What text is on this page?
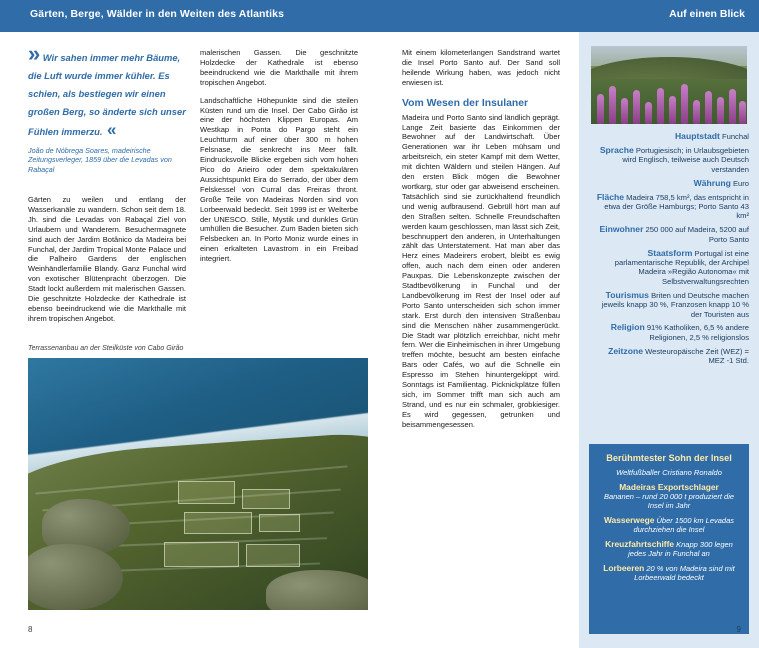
Gärten, Berge, Wälder in den Weiten des Atlantiks	Auf einen Blick
» Wir sahen immer mehr Bäume, die Luft wurde immer kühler. Es schien, als bestiegen wir einen großen Berg, so änderte sich unser Fühlen immerzu. «
João de Nóbrega Soares, madeirische Zeitungsverleger, 1859 über die Levadas von Rabaçal

Gärten zu weilen und entlang der Wasserkanäle zu wandern. Schon seit dem 18. Jh. sind die Levadas von Rabaçal Ziel von Urlaubern und Wanderern. Besuchermagnete sind auch der Jardim Botânico da Madeira bei Funchal, der Jardim Tropical Monte Palace und die Palheiro Gardens der englischen Weinhändlerfamilie Blandy. Ganz Funchal wird von exotischer Blütenpracht überzogen. Die Stadt lockt außerdem mit malerischen Gassen. Die geschnitzte Holzdecke der Kathedrale ist ebenso beeindruckend wie die Markthalle mit ihrem tropischen Angebot.

malerischen Gassen. Die geschnitzte Holzdecke der Kathedrale ist ebenso beeindruckend wie die Markthalle mit ihrem tropischen Angebot.

Landschaftliche Höhepunkte sind die steilen Küsten rund um die Insel. Der Cabo Girão ist eine der höchsten Klippen Europas. Am Westkap in Ponta do Pargo steht ein Leuchtturm auf einer über 300 m hohen Felsnase, die senkrecht ins Meer fällt. Eindrucksvolle Blicke ergeben sich vom hohen Pico do Arieiro oder dem spektakulären Aussichtspunkt Eira do Serrado, der über dem Felskessel von Curral das Freiras thront. Große Teile von Madeiras Norden sind von Lorbeerwald bedeckt. Seit 1999 ist er Welterbe der UNESCO. Stille, Mystik und dunkles Grün umhüllen die Besucher. Zum Baden bieten sich Felsbecken an. In Porto Moniz wurde eines in einen erkalteten Lavastrom in ein Freibad integriert.

Mit einem kilometerlangen Sandstrand wartet die Insel Porto Santo auf. Der Sand soll heilende Wirkung haben, was jedoch nicht erwiesen ist.

Vom Wesen der Insulaner

Madeira und Porto Santo sind ländlich geprägt. Lange Zeit basierte das Einkommen der Bewohner auf der Landwirtschaft. Über Generationen war ihr Leben mühsam und arbeitsreich, ein steter Kampf mit dem Wetter, mit dichten Wäldern und steilen Hängen. Auf den ersten Blick mögen die Bewohner wortkarg, stur oder gar abweisend erscheinen. Tatsächlich sind sie zurückhaltend freundlich und wenig aufbrausend. Gebrüll hört man auf den Straßen selten. Schnelle Freundschaften werden kaum geschlossen, man lässt sich Zeit, beschnuppert den anderen, in Unterhaltungen zählt das Unterstatement. Hat man aber das Herz eines Madeirers erobert, bleibt es ewig offen, auch nach dem einen oder anderen Pauxpas. Die Lebenskonzepte zwischen der Stadtbevölkerung in Funchal und der Landbevölkerung im Rest der Insel oder auf Porto Santo unterscheiden sich schon immer stark. Erst durch den intensiven Straßenbau sind die Menschen näher zusammengerückt. Die Stadt war plötzlich erreichbar, nicht mehr fern. Wer die Einheimischen in ihrer Umgebung treffen möchte, besucht am besten einfache Bars oder Cafés, wo auf die Schnelle ein Espresso im Stehen hinuntergekippt wird. Sonntags ist Familientag. Picknickplätze füllen sich, im Sommer trifft man sich auch am Strand, und es nur ein schmaler, grobkiesiger. Es wird gegessen, getrunken und beisammengesessen.

Terrassenanbau an der Steilküste von Cabo Girão
Hauptstadt Funchal
Sprache Portugiesisch; in Urlaubsgebieten wird Englisch, teilweise auch Deutsch verstanden
Währung Euro
Fläche Madeira 758,5 km², das entspricht in etwa der Größe Hamburgs; Porto Santo 43 km²
Einwohner 250 000 auf Madeira, 5200 auf Porto Santo
Staatsform Portugal ist eine parlamentarische Republik, der Archipel Madeira »Região Autonoma« mit Selbstverwaltungsrechten
Tourismus Briten und Deutsche machen jeweils knapp 30 %, Franzosen knapp 10 % der Touristen aus
Religion 91% Katholiken, 6,5 % andere Religionen, 2,5 % religionslos
Zeitzone Westeuropäische Zeit (WEZ) = MEZ -1 Std.
Berühmtester Sohn der Insel
Weltfußballer Cristiano Ronaldo
Madeiras Exportschlager
Bananen – rund 20 000 t produziert die Insel im Jahr
Wasserwege Über 1500 km Levadas durchziehen die Insel
Kreuzfahrtschiffe Knapp 300 legen jedes Jahr in Funchal an
Lorbeeren 20 % von Madeira sind mit Lorbeerwald bedeckt
9
8
